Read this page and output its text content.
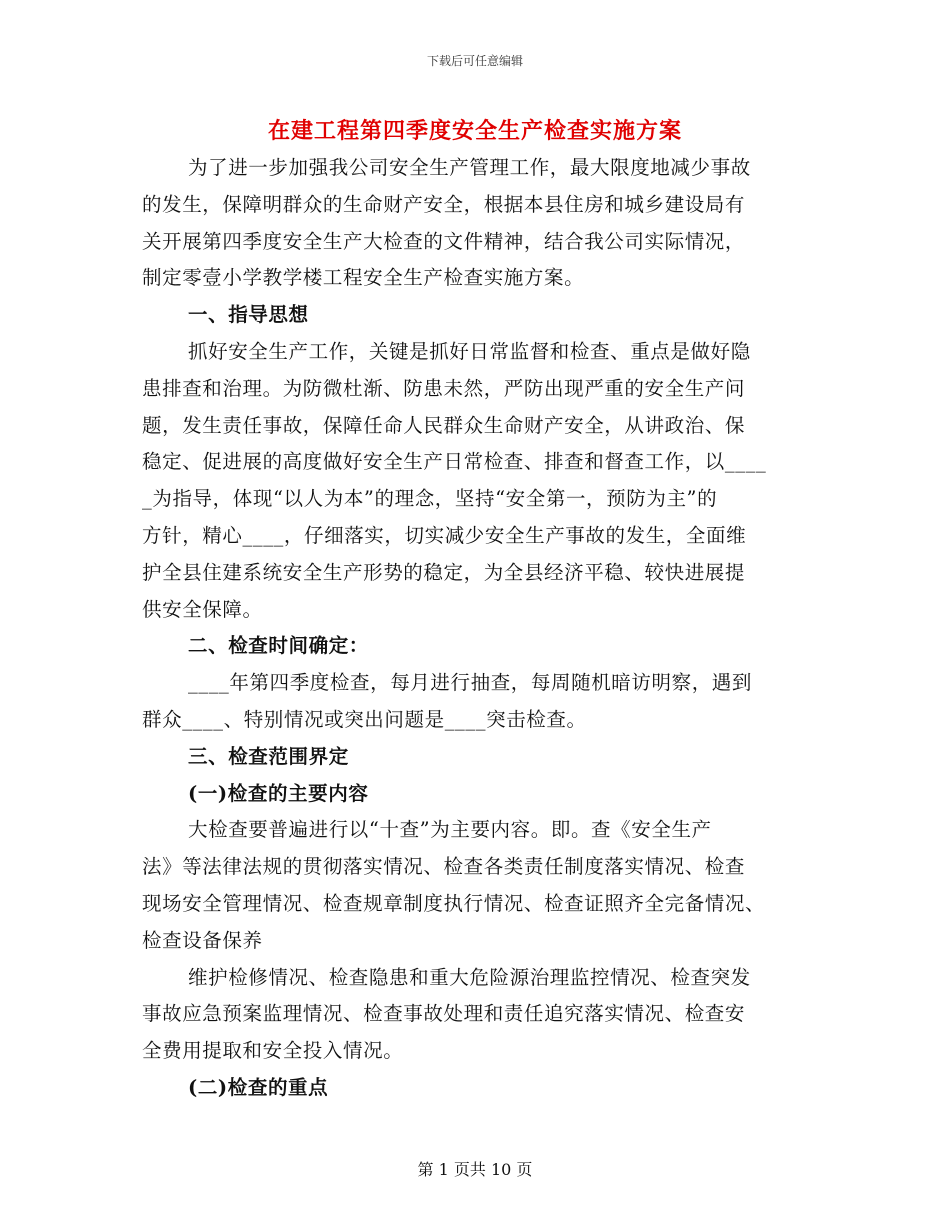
下载后可任意编辑
在建工程第四季度安全生产检查实施方案
为了进一步加强我公司安全生产管理工作，最大限度地减少事故
的发生，保障明群众的生命财产安全，根据本县住房和城乡建设局有
关开展第四季度安全生产大检查的文件精神，结合我公司实际情况，
制定零壹小学教学楼工程安全生产检查实施方案。
一、指导思想
抓好安全生产工作，关键是抓好日常监督和检查、重点是做好隐
患排查和治理。为防微杜渐、防患未然，严防出现严重的安全生产问
题，发生责任事故，保障任命人民群众生命财产安全，从讲政治、保
稳定、促进展的高度做好安全生产日常检查、排查和督查工作，以____
_为指导，体现“以人为本”的理念，坚持“安全第一，预防为主”的
方针，精心____，仔细落实，切实减少安全生产事故的发生，全面维
护全县住建系统安全生产形势的稳定，为全县经济平稳、较快进展提
供安全保障。
二、检查时间确定：
____年第四季度检查，每月进行抽查，每周随机暗访明察，遇到
群众____、特别情况或突出问题是____突击检查。
三、检查范围界定
(一)检查的主要内容
大检查要普遍进行以“十查”为主要内容。即。查《安全生产
法》等法律法规的贯彻落实情况、检查各类责任制度落实情况、检查
现场安全管理情况、检查规章制度执行情况、检查证照齐全完备情况、
检查设备保养
维护检修情况、检查隐患和重大危险源治理监控情况、检查突发
事故应急预案监理情况、检查事故处理和责任追究落实情况、检查安
全费用提取和安全投入情况。
(二)检查的重点
第 1 页共 10 页
